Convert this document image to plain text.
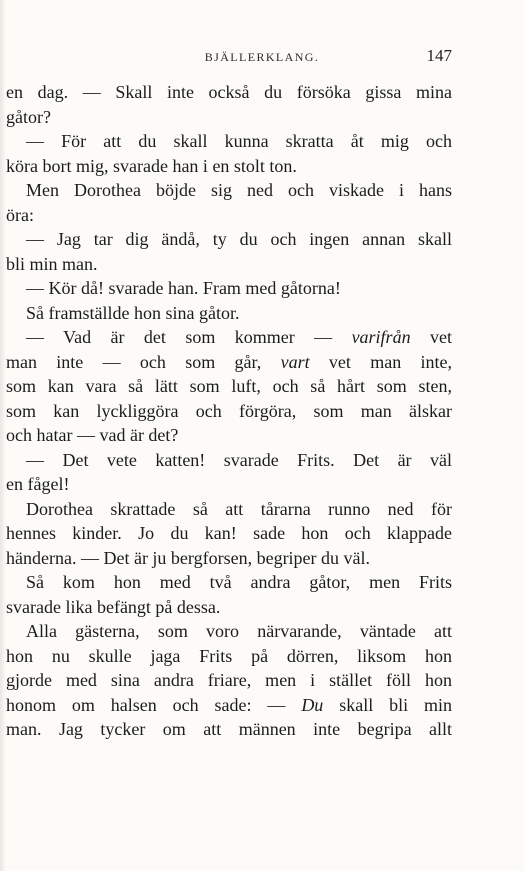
BJÄLLERKLANG.	147
en dag. — Skall inte också du försöka gissa mina
gåtor?
— För att du skall kunna skratta åt mig och
köra bort mig, svarade han i en stolt ton.
Men Dorothea böjde sig ned och viskade i hans
öra:
— Jag tar dig ändå, ty du och ingen annan skall
bli min man.
— Kör då! svarade han. Fram med gåtorna!
Så framställde hon sina gåtor.
— Vad är det som kommer — varifrån vet
man inte — och som går, vart vet man inte,
som kan vara så lätt som luft, och så hårt som sten,
som kan lyckliggöra och förgöra, som man älskar
och hatar — vad är det?
— Det vete katten! svarade Frits. Det är väl
en fågel!
Dorothea skrattade så att tårarna runno ned för
hennes kinder. Jo du kan! sade hon och klappade
händerna. — Det är ju bergforsen, begriper du väl.
Så kom hon med två andra gåtor, men Frits
svarade lika befängt på dessa.
Alla gästerna, som voro närvarande, väntade att
hon nu skulle jaga Frits på dörren, liksom hon
gjorde med sina andra friare, men i stället föll hon
honom om halsen och sade: — Du skall bli min
man. Jag tycker om att männen inte begripa allt
